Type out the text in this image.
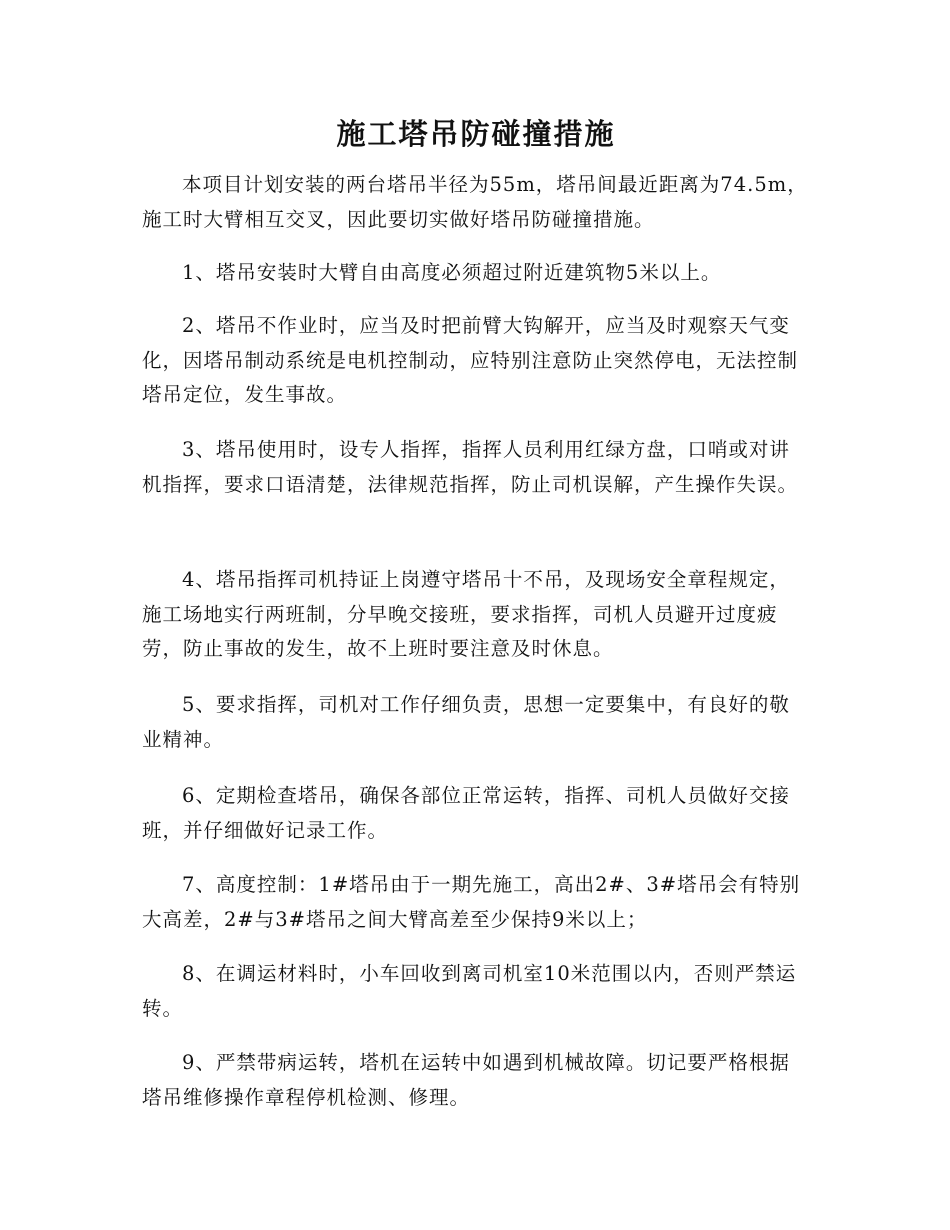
施工塔吊防碰撞措施
本项目计划安装的两台塔吊半径为55m，塔吊间最近距离为74.5m，施工时大臂相互交叉，因此要切实做好塔吊防碰撞措施。
1、塔吊安装时大臂自由高度必须超过附近建筑物5米以上。
2、塔吊不作业时，应当及时把前臂大钩解开，应当及时观察天气变化，因塔吊制动系统是电机控制动，应特别注意防止突然停电，无法控制塔吊定位，发生事故。
3、塔吊使用时，设专人指挥，指挥人员利用红绿方盘，口哨或对讲机指挥，要求口语清楚，法律规范指挥，防止司机误解，产生操作失误。
4、塔吊指挥司机持证上岗遵守塔吊十不吊，及现场安全章程规定，施工场地实行两班制，分早晚交接班，要求指挥，司机人员避开过度疲劳，防止事故的发生，故不上班时要注意及时休息。
5、要求指挥，司机对工作仔细负责，思想一定要集中，有良好的敬业精神。
6、定期检查塔吊，确保各部位正常运转，指挥、司机人员做好交接班，并仔细做好记录工作。
7、高度控制：1#塔吊由于一期先施工，高出2#、3#塔吊会有特别大高差，2#与3#塔吊之间大臂高差至少保持9米以上；
8、在调运材料时，小车回收到离司机室10米范围以内，否则严禁运转。
9、严禁带病运转，塔机在运转中如遇到机械故障。切记要严格根据塔吊维修操作章程停机检测、修理。
